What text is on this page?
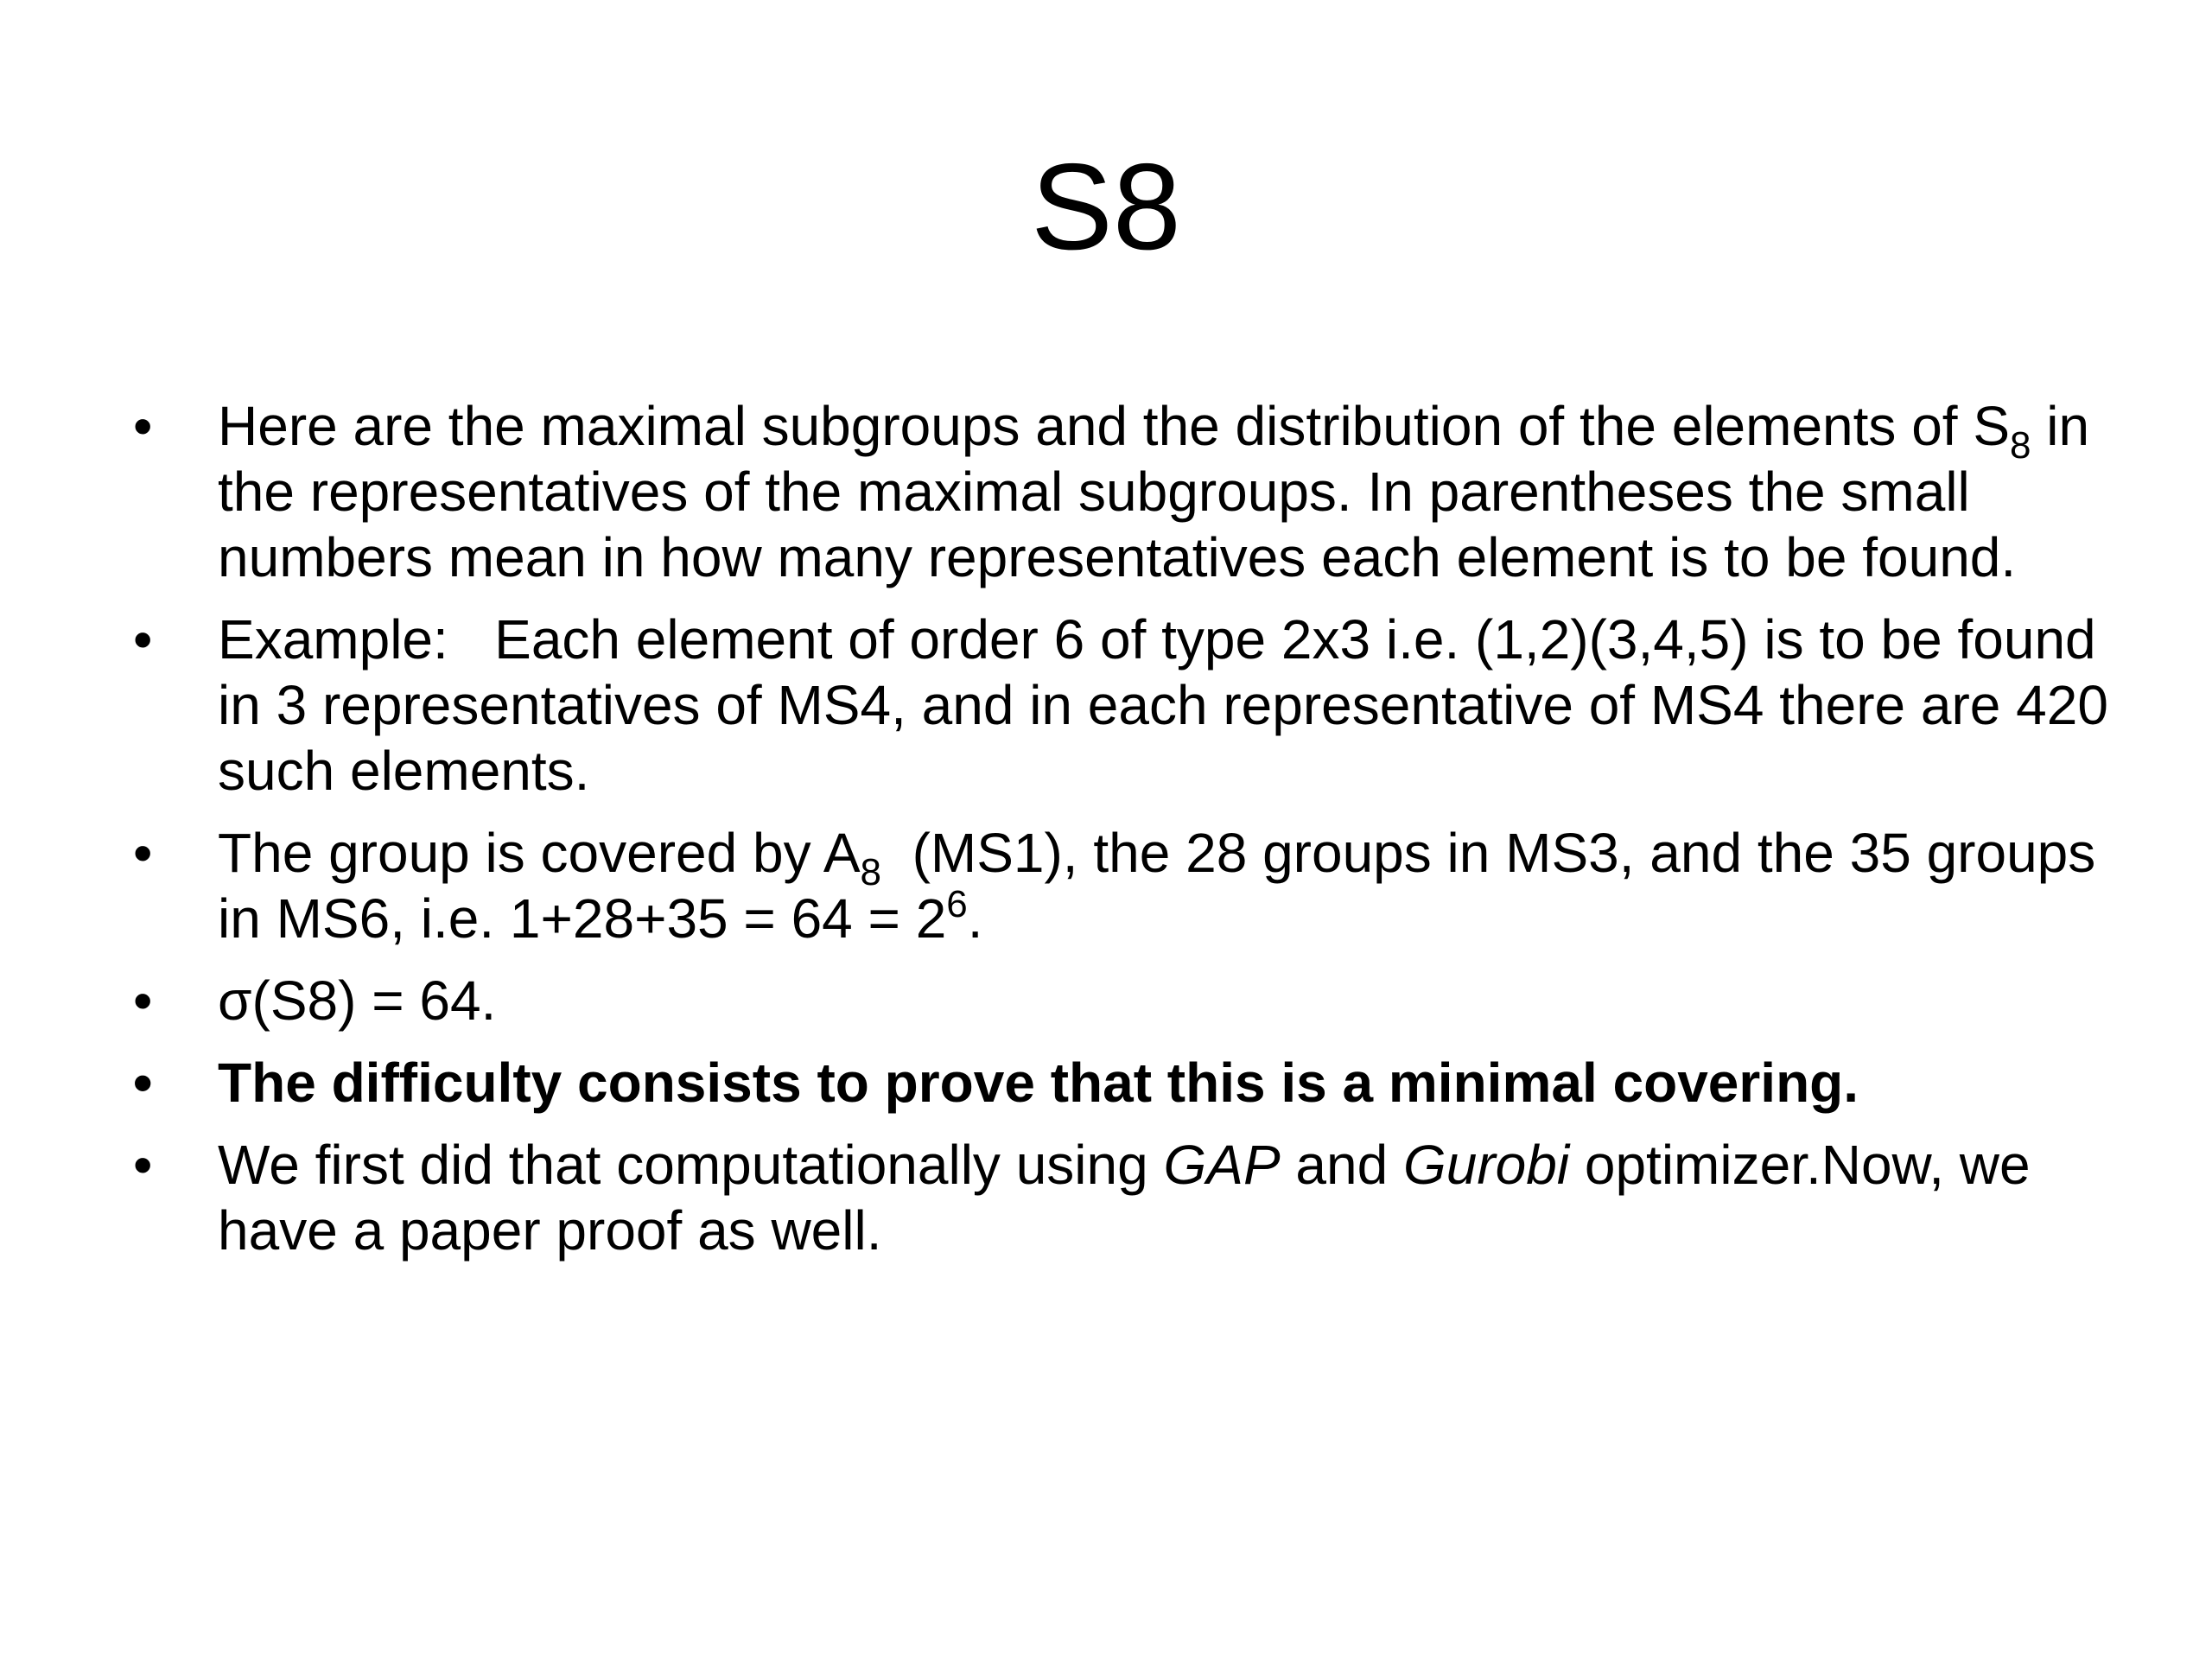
S8
•	Here are the maximal subgroups and the distribution of the elements of $S_8$ in the representatives of the maximal subgroups. In parentheses the small numbers mean in how many representatives each element is to be found.
•	Example:   Each element of order 6 of type 2x3 i.e. (1,2)(3,4,5) is to be found in 3 representatives of MS4, and in each representative of MS4 there are 420 such elements.
•	The group is covered by $A_8$  (MS1), the 28 groups in MS3, and the 35 groups in MS6, i.e. $1+28+35 = 64 = 2^6$.
•	σ(S8) = 64.
•	The difficulty consists to prove that this is a minimal covering.
•	We first did that computationally using GAP and Gurobi optimizer.Now, we have a paper proof as well.
